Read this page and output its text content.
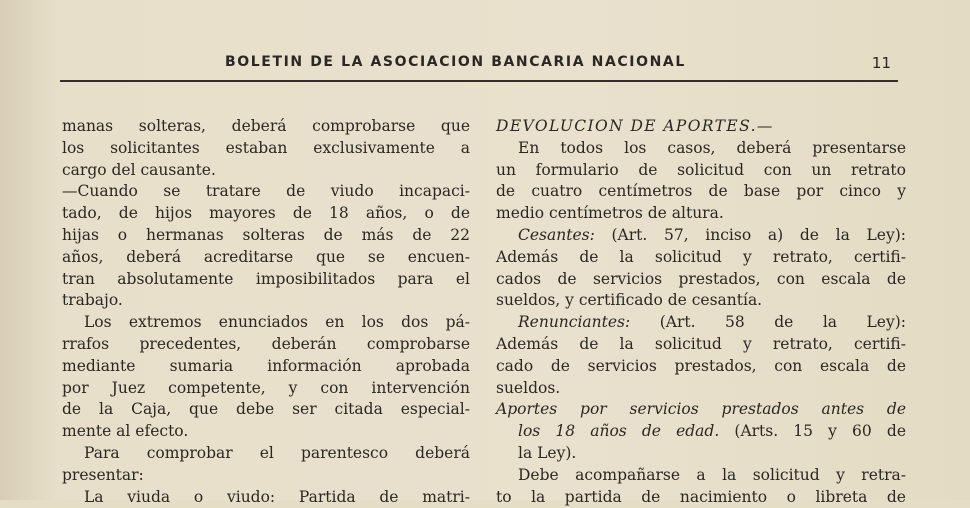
BOLETIN DE LA ASOCIACION BANCARIA NACIONAL	11
manas solteras, deberá comprobarse que
los solicitantes estaban exclusivamente a
cargo del causante.
—Cuando se tratare de viudo incapaci-
tado, de hijos mayores de 18 años, o de
hijas o hermanas solteras de más de 22
años, deberá acreditarse que se encuen-
tran absolutamente imposibilitados para el
trabajo.
Los extremos enunciados en los dos pá-
rrafos precedentes, deberán comprobarse
mediante sumaria información aprobada
por Juez competente, y con intervención
de la Caja, que debe ser citada especial-
mente al efecto.
Para comprobar el parentesco deberá
presentar:
La viuda o viudo: Partida de matri-
DEVOLUCION DE APORTES.—
En todos los casos, deberá presentarse
un formulario de solicitud con un retrato
de cuatro centímetros de base por cinco y
medio centímetros de altura.
Cesantes: (Art. 57, inciso a) de la Ley):
Además de la solicitud y retrato, certifi-
cados de servicios prestados, con escala de
sueldos, y certificado de cesantía.
Renunciantes: (Art. 58 de la Ley):
Además de la solicitud y retrato, certifi-
cado de servicios prestados, con escala de
sueldos.
Aportes por servicios prestados antes de
los 18 años de edad. (Arts. 15 y 60 de
la Ley).
Debe acompañarse a la solicitud y retra-
to la partida de nacimiento o libreta de
